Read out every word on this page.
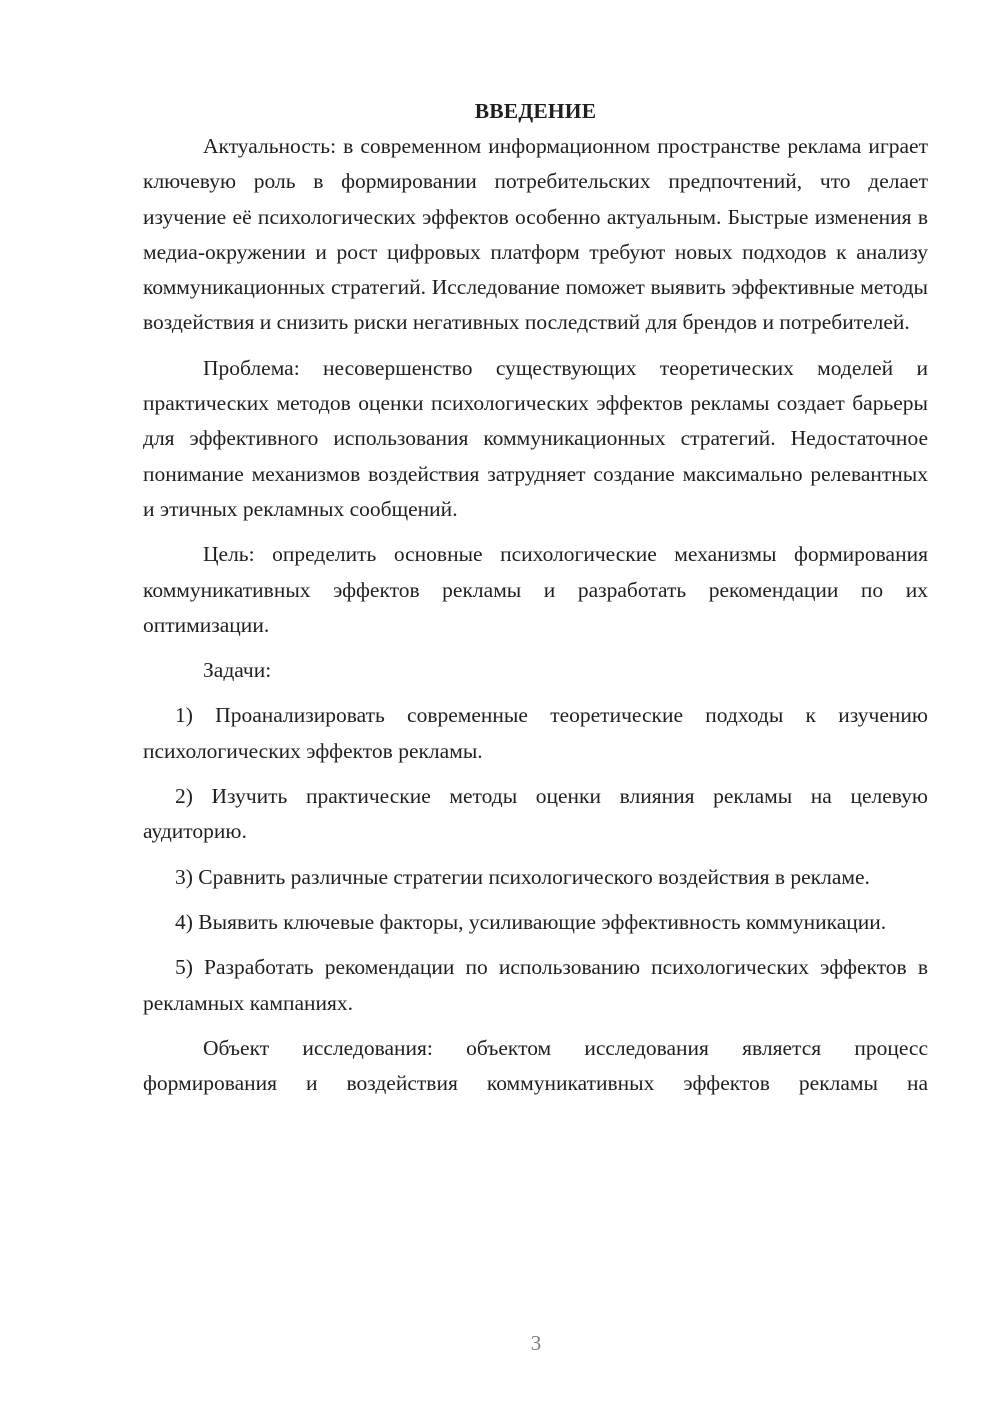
ВВЕДЕНИЕ

Актуальность: в современном информационном пространстве реклама играет ключевую роль в формировании потребительских предпочтений, что делает изучение её психологических эффектов особенно актуальным. Быстрые изменения в медиа-окружении и рост цифровых платформ требуют новых подходов к анализу коммуникационных стратегий. Исследование поможет выявить эффективные методы воздействия и снизить риски негативных последствий для брендов и потребителей.

Проблема: несовершенство существующих теоретических моделей и практических методов оценки психологических эффектов рекламы создает барьеры для эффективного использования коммуникационных стратегий. Недостаточное понимание механизмов воздействия затрудняет создание максимально релевантных и этичных рекламных сообщений.

Цель: определить основные психологические механизмы формирования коммуникативных эффектов рекламы и разработать рекомендации по их оптимизации.

Задачи:

1) Проанализировать современные теоретические подходы к изучению психологических эффектов рекламы.

2) Изучить практические методы оценки влияния рекламы на целевую аудиторию.

3) Сравнить различные стратегии психологического воздействия в рекламе.

4) Выявить ключевые факторы, усиливающие эффективность коммуникации.

5) Разработать рекомендации по использованию психологических эффектов в рекламных кампаниях.

Объект исследования: объектом исследования является процесс формирования и воздействия коммуникативных эффектов рекламы на

3
